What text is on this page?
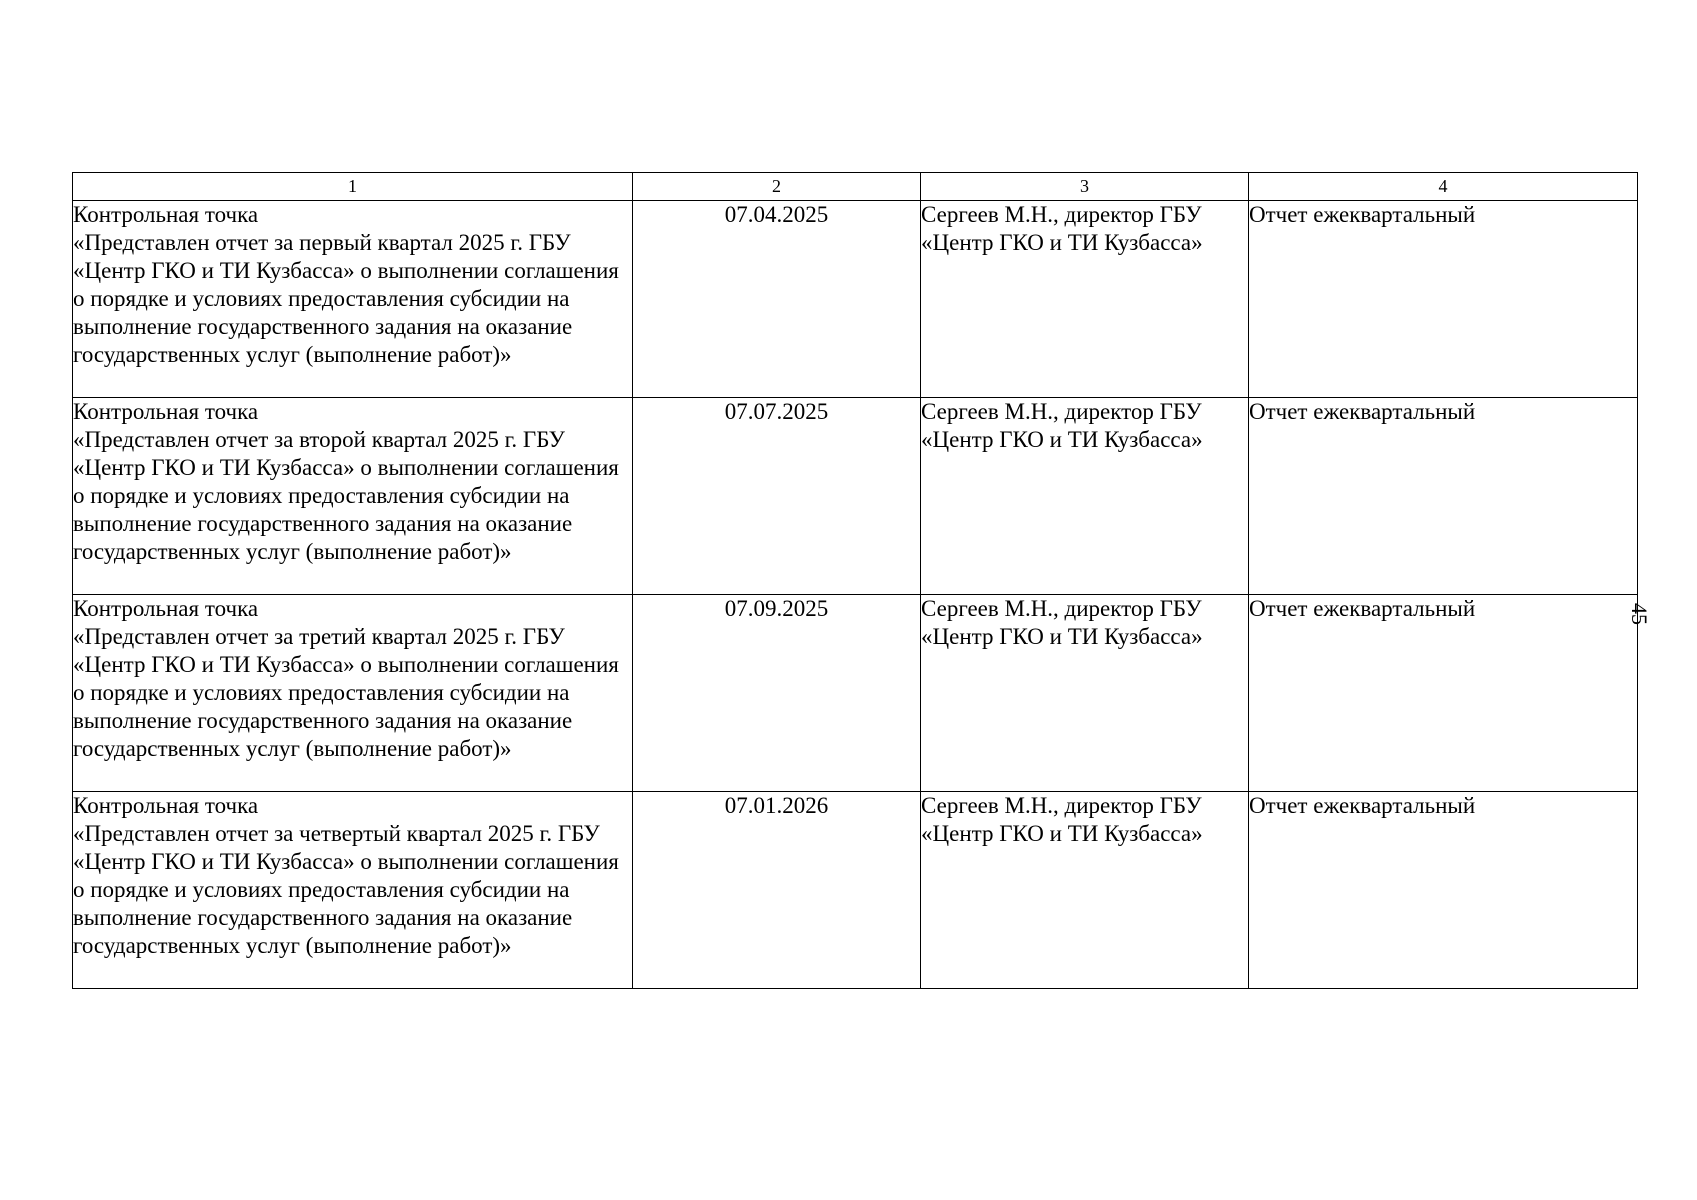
1	2	3	4

Контрольная точка
«Представлен отчет за первый квартал 2025 г. ГБУ «Центр ГКО и ТИ Кузбасса» о выполнении соглашения о порядке и условиях предоставления субсидии на выполнение государственного задания на оказание государственных услуг (выполнение работ)»	07.04.2025	Сергеев М.Н., директор ГБУ «Центр ГКО и ТИ Кузбасса»	Отчет ежеквартальный

Контрольная точка
«Представлен отчет за второй квартал 2025 г. ГБУ «Центр ГКО и ТИ Кузбасса» о выполнении соглашения о порядке и условиях предоставления субсидии на выполнение государственного задания на оказание государственных услуг (выполнение работ)»	07.07.2025	Сергеев М.Н., директор ГБУ «Центр ГКО и ТИ Кузбасса»	Отчет ежеквартальный

Контрольная точка
«Представлен отчет за третий квартал 2025 г. ГБУ «Центр ГКО и ТИ Кузбасса» о выполнении соглашения о порядке и условиях предоставления субсидии на выполнение государственного задания на оказание государственных услуг (выполнение работ)»	07.09.2025	Сергеев М.Н., директор ГБУ «Центр ГКО и ТИ Кузбасса»	Отчет ежеквартальный

Контрольная точка
«Представлен отчет за четвертый квартал 2025 г. ГБУ «Центр ГКО и ТИ Кузбасса» о выполнении соглашения о порядке и условиях предоставления субсидии на выполнение государственного задания на оказание государственных услуг (выполнение работ)»	07.01.2026	Сергеев М.Н., директор ГБУ «Центр ГКО и ТИ Кузбасса»	Отчет ежеквартальный
45
